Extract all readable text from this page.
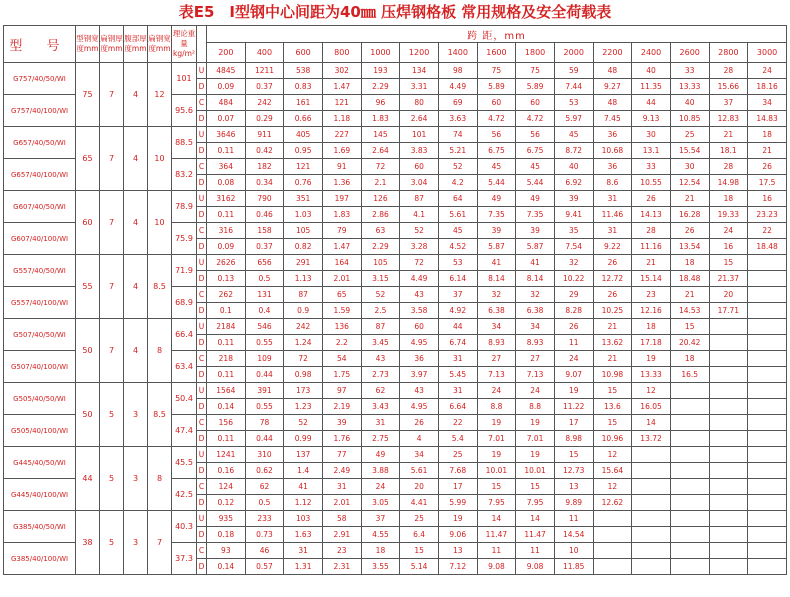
表E5　I型钢中心间距为40㎜ 压焊钢格板 常用规格及安全荷载表
型 号	型钢宽度mm	扁钢厚度mm	腹部厚度mm	扁钢宽度mm	理论重量kg/m²		跨 距，mm														
							200	400	600	800	1000	1200	1400	1600	1800	2000	2200	2400	2600	2800	3000
G757/40/50/WI	75	7	4	12	101	U	4845	1211	538	302	193	134	98	75	75	59	48	40	33	28	24
						D	0.09	0.37	0.83	1.47	2.29	3.31	4.49	5.89	5.89	7.44	9.27	11.35	13.33	15.66	18.16
G757/40/100/WI					95.6	C	484	242	161	121	96	80	69	60	60	53	48	44	40	37	34
						D	0.07	0.29	0.66	1.18	1.83	2.64	3.63	4.72	4.72	5.97	7.45	9.13	10.85	12.83	14.83
G657/40/50/WI	65	7	4	10	88.5	U	3646	911	405	227	145	101	74	56	56	45	36	30	25	21	18
						D	0.11	0.42	0.95	1.69	2.64	3.83	5.21	6.75	6.75	8.72	10.68	13.1	15.54	18.1	21
G657/40/100/WI					83.2	C	364	182	121	91	72	60	52	45	45	40	36	33	30	28	26
						D	0.08	0.34	0.76	1.36	2.1	3.04	4.2	5.44	5.44	6.92	8.6	10.55	12.54	14.98	17.5
G607/40/50/WI	60	7	4	10	78.9	U	3162	790	351	197	126	87	64	49	49	39	31	26	21	18	16
						D	0.11	0.46	1.03	1.83	2.86	4.1	5.61	7.35	7.35	9.41	11.46	14.13	16.28	19.33	23.23
G607/40/100/WI					75.9	C	316	158	105	79	63	52	45	39	39	35	31	28	26	24	22
						D	0.09	0.37	0.82	1.47	2.29	3.28	4.52	5.87	5.87	7.54	9.22	11.16	13.54	16	18.48
G557/40/50/WI	55	7	4	8.5	71.9	U	2626	656	291	164	105	72	53	41	41	32	26	21	18	15	
						D	0.13	0.5	1.13	2.01	3.15	4.49	6.14	8.14	8.14	10.22	12.72	15.14	18.48	21.37	
G557/40/100/WI					68.9	C	262	131	87	65	52	43	37	32	32	29	26	23	21	20	
						D	0.1	0.4	0.9	1.59	2.5	3.58	4.92	6.38	6.38	8.28	10.25	12.16	14.53	17.71	
G507/40/50/WI	50	7	4	8	66.4	U	2184	546	242	136	87	60	44	34	34	26	21	18	15		
						D	0.11	0.55	1.24	2.2	3.45	4.95	6.74	8.93	8.93	11	13.62	17.18	20.42		
G507/40/100/WI					63.4	C	218	109	72	54	43	36	31	27	27	24	21	19	18		
						D	0.11	0.44	0.98	1.75	2.73	3.97	5.45	7.13	7.13	9.07	10.98	13.33	16.5		
G505/40/50/WI	50	5	3	8.5	50.4	U	1564	391	173	97	62	43	31	24	24	19	15	12			
						D	0.14	0.55	1.23	2.19	3.43	4.95	6.64	8.8	8.8	11.22	13.6	16.05			
G505/40/100/WI					47.4	C	156	78	52	39	31	26	22	19	19	17	15	14			
						D	0.11	0.44	0.99	1.76	2.75	4	5.4	7.01	7.01	8.98	10.96	13.72			
G445/40/50/WI	44	5	3	8	45.5	U	1241	310	137	77	49	34	25	19	19	15	12				
						D	0.16	0.62	1.4	2.49	3.88	5.61	7.68	10.01	10.01	12.73	15.64				
G445/40/100/WI					42.5	C	124	62	41	31	24	20	17	15	15	13	12				
						D	0.12	0.5	1.12	2.01	3.05	4.41	5.99	7.95	7.95	9.89	12.62				
G385/40/50/WI	38	5	3	7	40.3	U	935	233	103	58	37	25	19	14	14	11					
						D	0.18	0.73	1.63	2.91	4.55	6.4	9.06	11.47	11.47	14.54					
G385/40/100/WI					37.3	C	93	46	31	23	18	15	13	11	11	10					
						D	0.14	0.57	1.31	2.31	3.55	5.14	7.12	9.08	9.08	11.85					
